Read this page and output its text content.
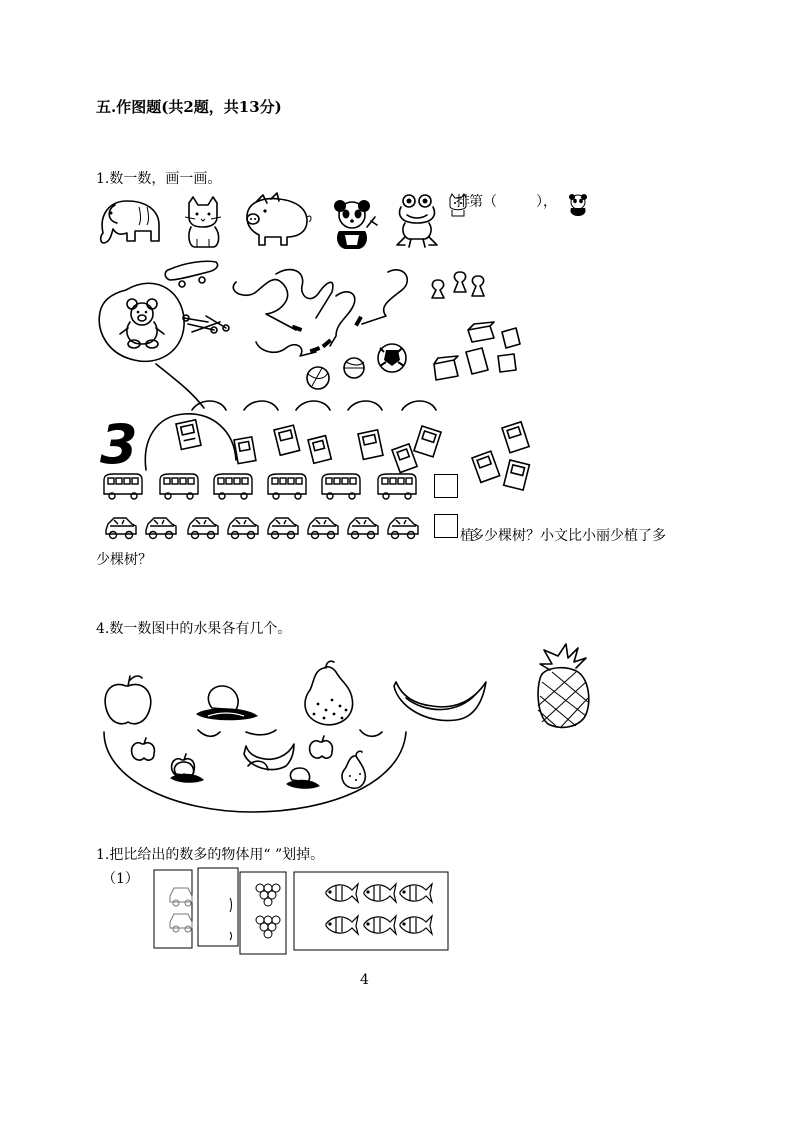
五.作图题(共2题，共13分)
1.数一数，画一画。
排 第（	），
3
植
多少棵树？小文比小丽少植了多
少棵树？
4.数一数图中的水果各有几个。
1.把比给出的数多的物体用“ ”划掉。
（1）
4
